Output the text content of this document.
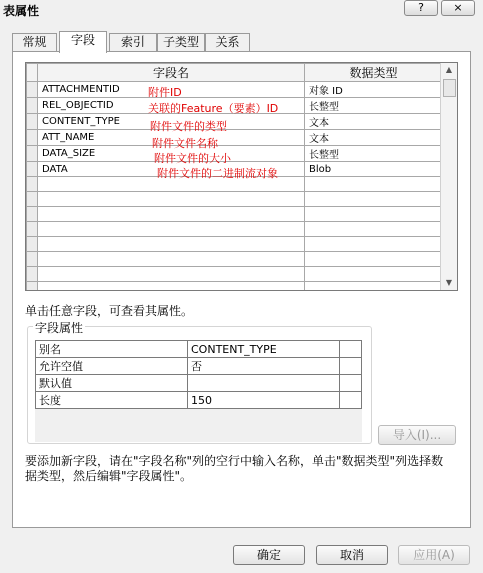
表属性	?	×
常规	字段	索引	子类型	关系
	字段名	数据类型
	ATTACHMENTID	对象 ID
	REL_OBJECTID	长整型
	CONTENT_TYPE	文本
	ATT_NAME	文本
	DATA_SIZE	长整型
	DATA	Blob

▲
▼
附件ID
关联的Feature（要素）ID
附件文件的类型
附件文件名称
附件文件的大小
附件文件的二进制流对象
单击任意字段，可查看其属性。
字段属性
别名	CONTENT_TYPE	
允许空值	否	
默认值		
长度	150	
导入(I)...
要添加新字段，请在"字段名称"列的空行中输入名称，单击"数据类型"列选择数据类型，然后编辑"字段属性"。
确定	取消	应用(A)
